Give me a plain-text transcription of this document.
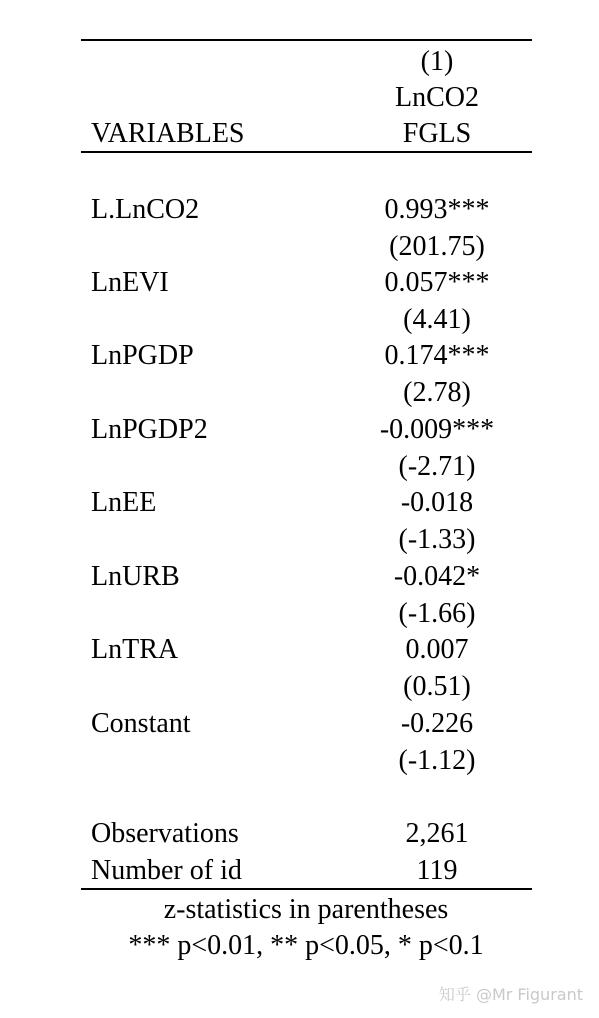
(1)
LnCO2
VARIABLES	FGLS
L.LnCO2	0.993***
(201.75)
LnEVI	0.057***
(4.41)
LnPGDP	0.174***
(2.78)
LnPGDP2	-0.009***
(-2.71)
LnEE	-0.018
(-1.33)
LnURB	-0.042*
(-1.66)
LnTRA	0.007
(0.51)
Constant	-0.226
(-1.12)
Observations	2,261
Number of id	119
z-statistics in parentheses
*** p<0.01, ** p<0.05, * p<0.1
知乎 @Mr Figurant
